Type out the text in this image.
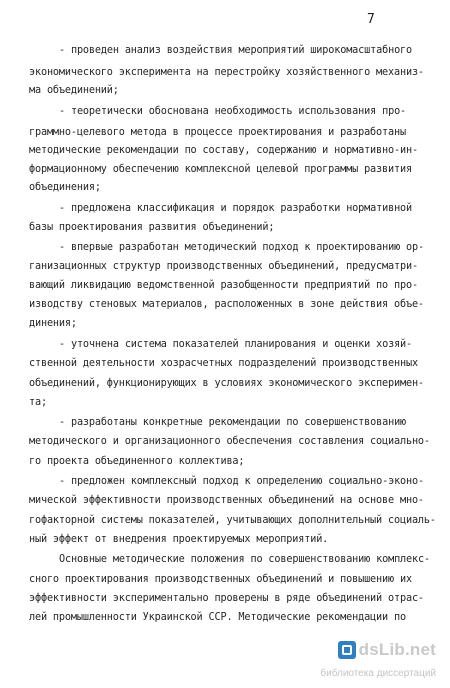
7
- проведен анализ воздействия мероприятий широкомасштабного
экономического эксперимента на перестройку хозяйственного механиз-
ма объединений;
- теоретически обоснована необходимость использования про-
граммно-целевого метода в процессе проектирования и разработаны
методические рекомендации по составу, содержанию и нормативно-ин-
формационному обеспечению комплексной целевой программы развития
объединения;
- предложена классификация и порядок разработки нормативной
базы проектирования развития объединений;
- впервые разработан методический подход к проектированию ор-
ганизационных структур производственных объединений, предусматри-
вающий ликвидацию ведомственной разобщенности предприятий по про-
изводству стеновых материалов, расположенных в зоне действия объе-
динения;
- уточнена система показателей планирования и оценки хозяй-
ственной деятельности хозрасчетных подразделений производственных
объединений, функционирующих в условиях экономического эксперимен-
та;
- разработаны конкретные рекомендации по совершенствованию
методического и организационного обеспечения составления социально-
го проекта объединенного коллектива;
- предложен комплексный подход к определению социально-эконо-
мической эффективности производственных объединений на основе мно-
гофакторной системы показателей, учитывающих дополнительный социаль-
ный эффект от внедрения проектируемых мероприятий.
Основные методические положения по совершенствованию комплекс-
сного проектирования производственных объединений и повышению их
эффективности экспериментально проверены в ряде объединений отрас-
лей промышленности Украинской ССР. Методические рекомендации по
dsLib.net
библиотека диссертаций
